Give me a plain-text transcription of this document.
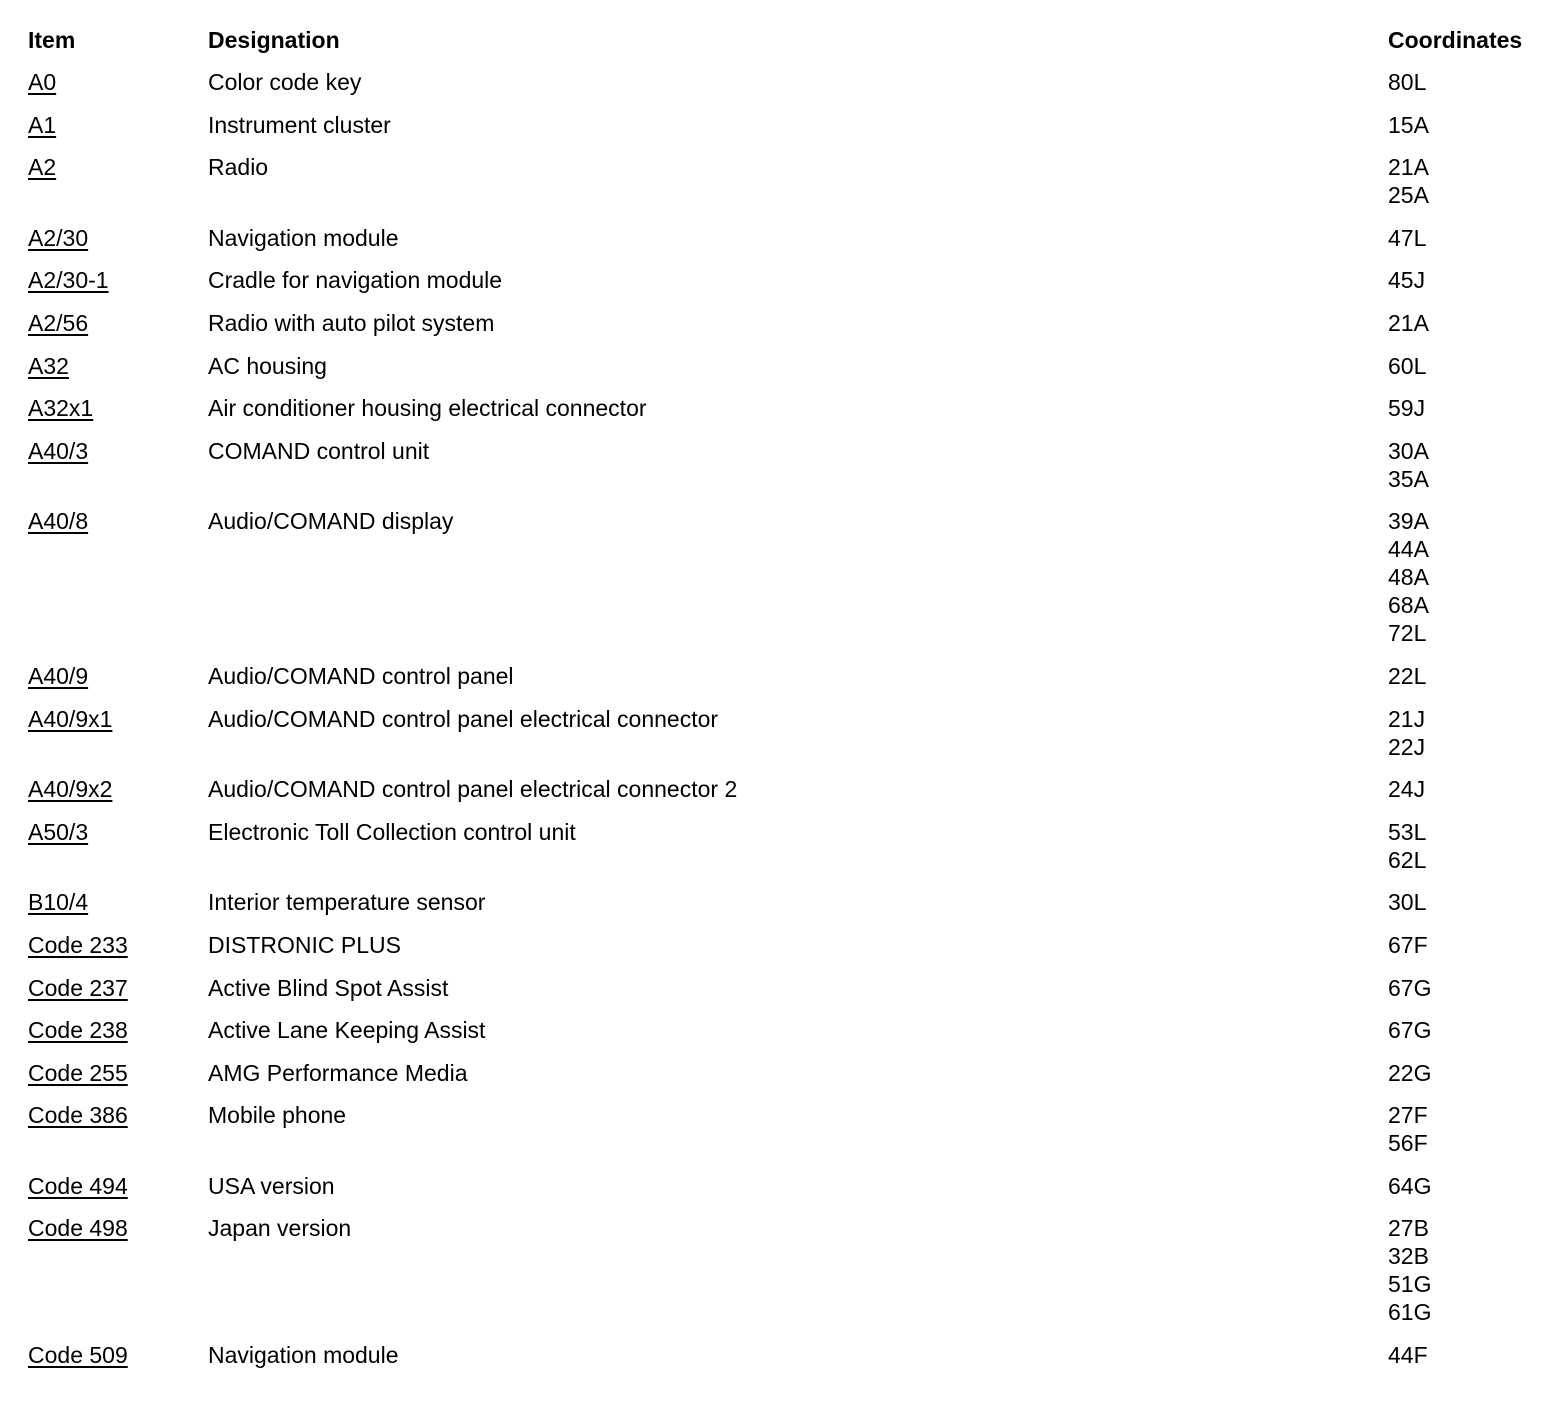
Item	Designation	Coordinates
A0	Color code key	80L
A1	Instrument cluster	15A
A2	Radio	21A
25A
A2/30	Navigation module	47L
A2/30-1	Cradle for navigation module	45J
A2/56	Radio with auto pilot system	21A
A32	AC housing	60L
A32x1	Air conditioner housing electrical connector	59J
A40/3	COMAND control unit	30A
35A
A40/8	Audio/COMAND display	39A
44A
48A
68A
72L
A40/9	Audio/COMAND control panel	22L
A40/9x1	Audio/COMAND control panel electrical connector	21J
22J
A40/9x2	Audio/COMAND control panel electrical connector 2	24J
A50/3	Electronic Toll Collection control unit	53L
62L
B10/4	Interior temperature sensor	30L
Code 233	DISTRONIC PLUS	67F
Code 237	Active Blind Spot Assist	67G
Code 238	Active Lane Keeping Assist	67G
Code 255	AMG Performance Media	22G
Code 386	Mobile phone	27F
56F
Code 494	USA version	64G
Code 498	Japan version	27B
32B
51G
61G
Code 509	Navigation module	44F
